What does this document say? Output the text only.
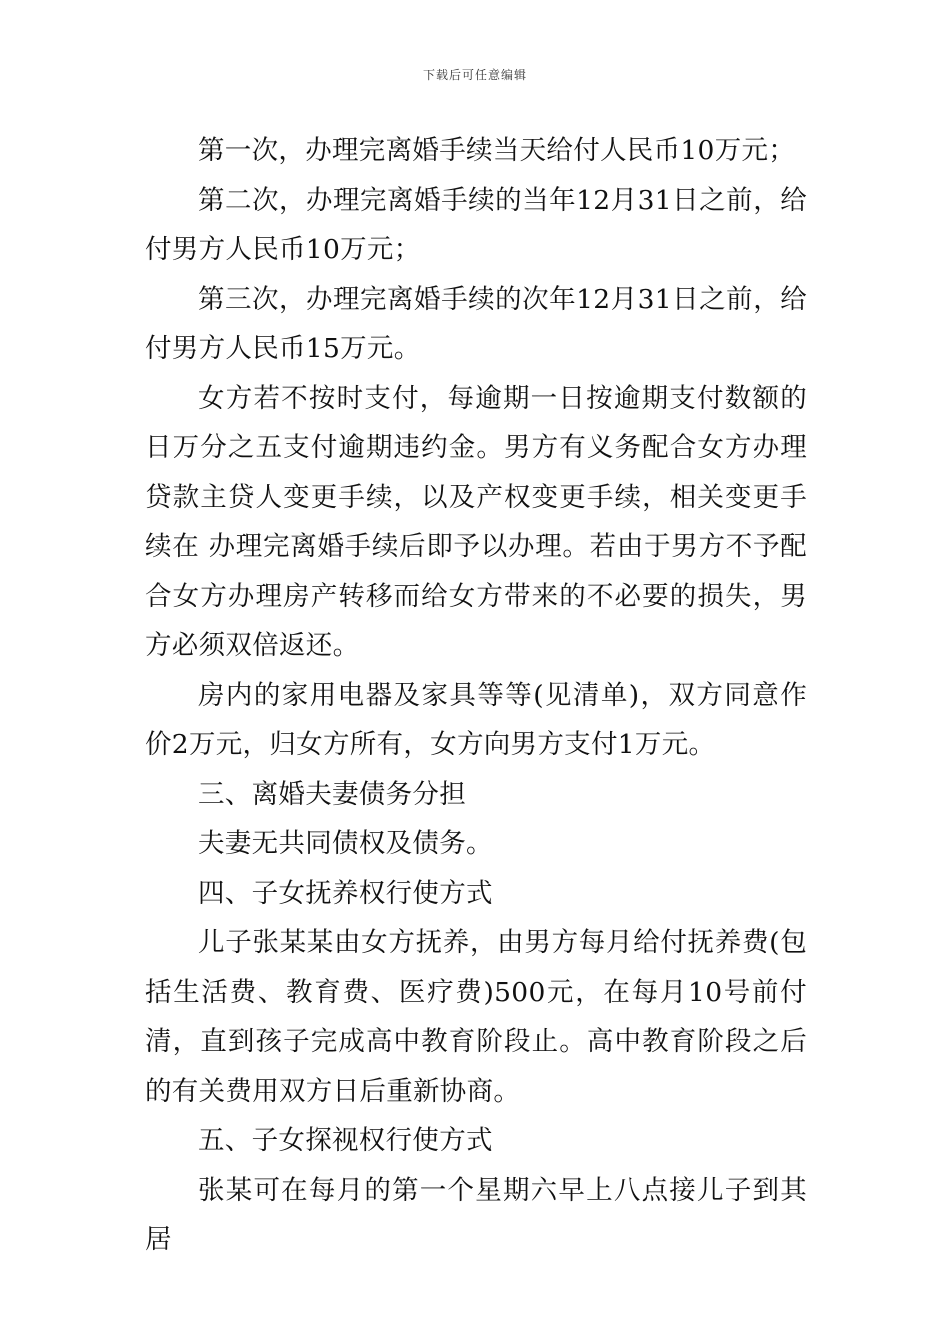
下载后可任意编辑

第一次，办理完离婚手续当天给付人民币10万元；

第二次，办理完离婚手续的当年12月31日之前，给付男方人民币10万元；

第三次，办理完离婚手续的次年12月31日之前，给付男方人民币15万元。

女方若不按时支付，每逾期一日按逾期支付数额的日万分之五支付逾期违约金。男方有义务配合女方办理贷款主贷人变更手续，以及产权变更手续，相关变更手续在 办理完离婚手续后即予以办理。若由于男方不予配合女方办理房产转移而给女方带来的不必要的损失，男方必须双倍返还。

房内的家用电器及家具等等(见清单)，双方同意作价2万元，归女方所有，女方向男方支付1万元。

三、离婚夫妻债务分担

夫妻无共同债权及债务。

四、子女抚养权行使方式

儿子张某某由女方抚养，由男方每月给付抚养费(包括生活费、教育费、医疗费)500元，在每月10号前付清，直到孩子完成高中教育阶段止。高中教育阶段之后的有关费用双方日后重新协商。

五、子女探视权行使方式

张某可在每月的第一个星期六早上八点接儿子到其居
